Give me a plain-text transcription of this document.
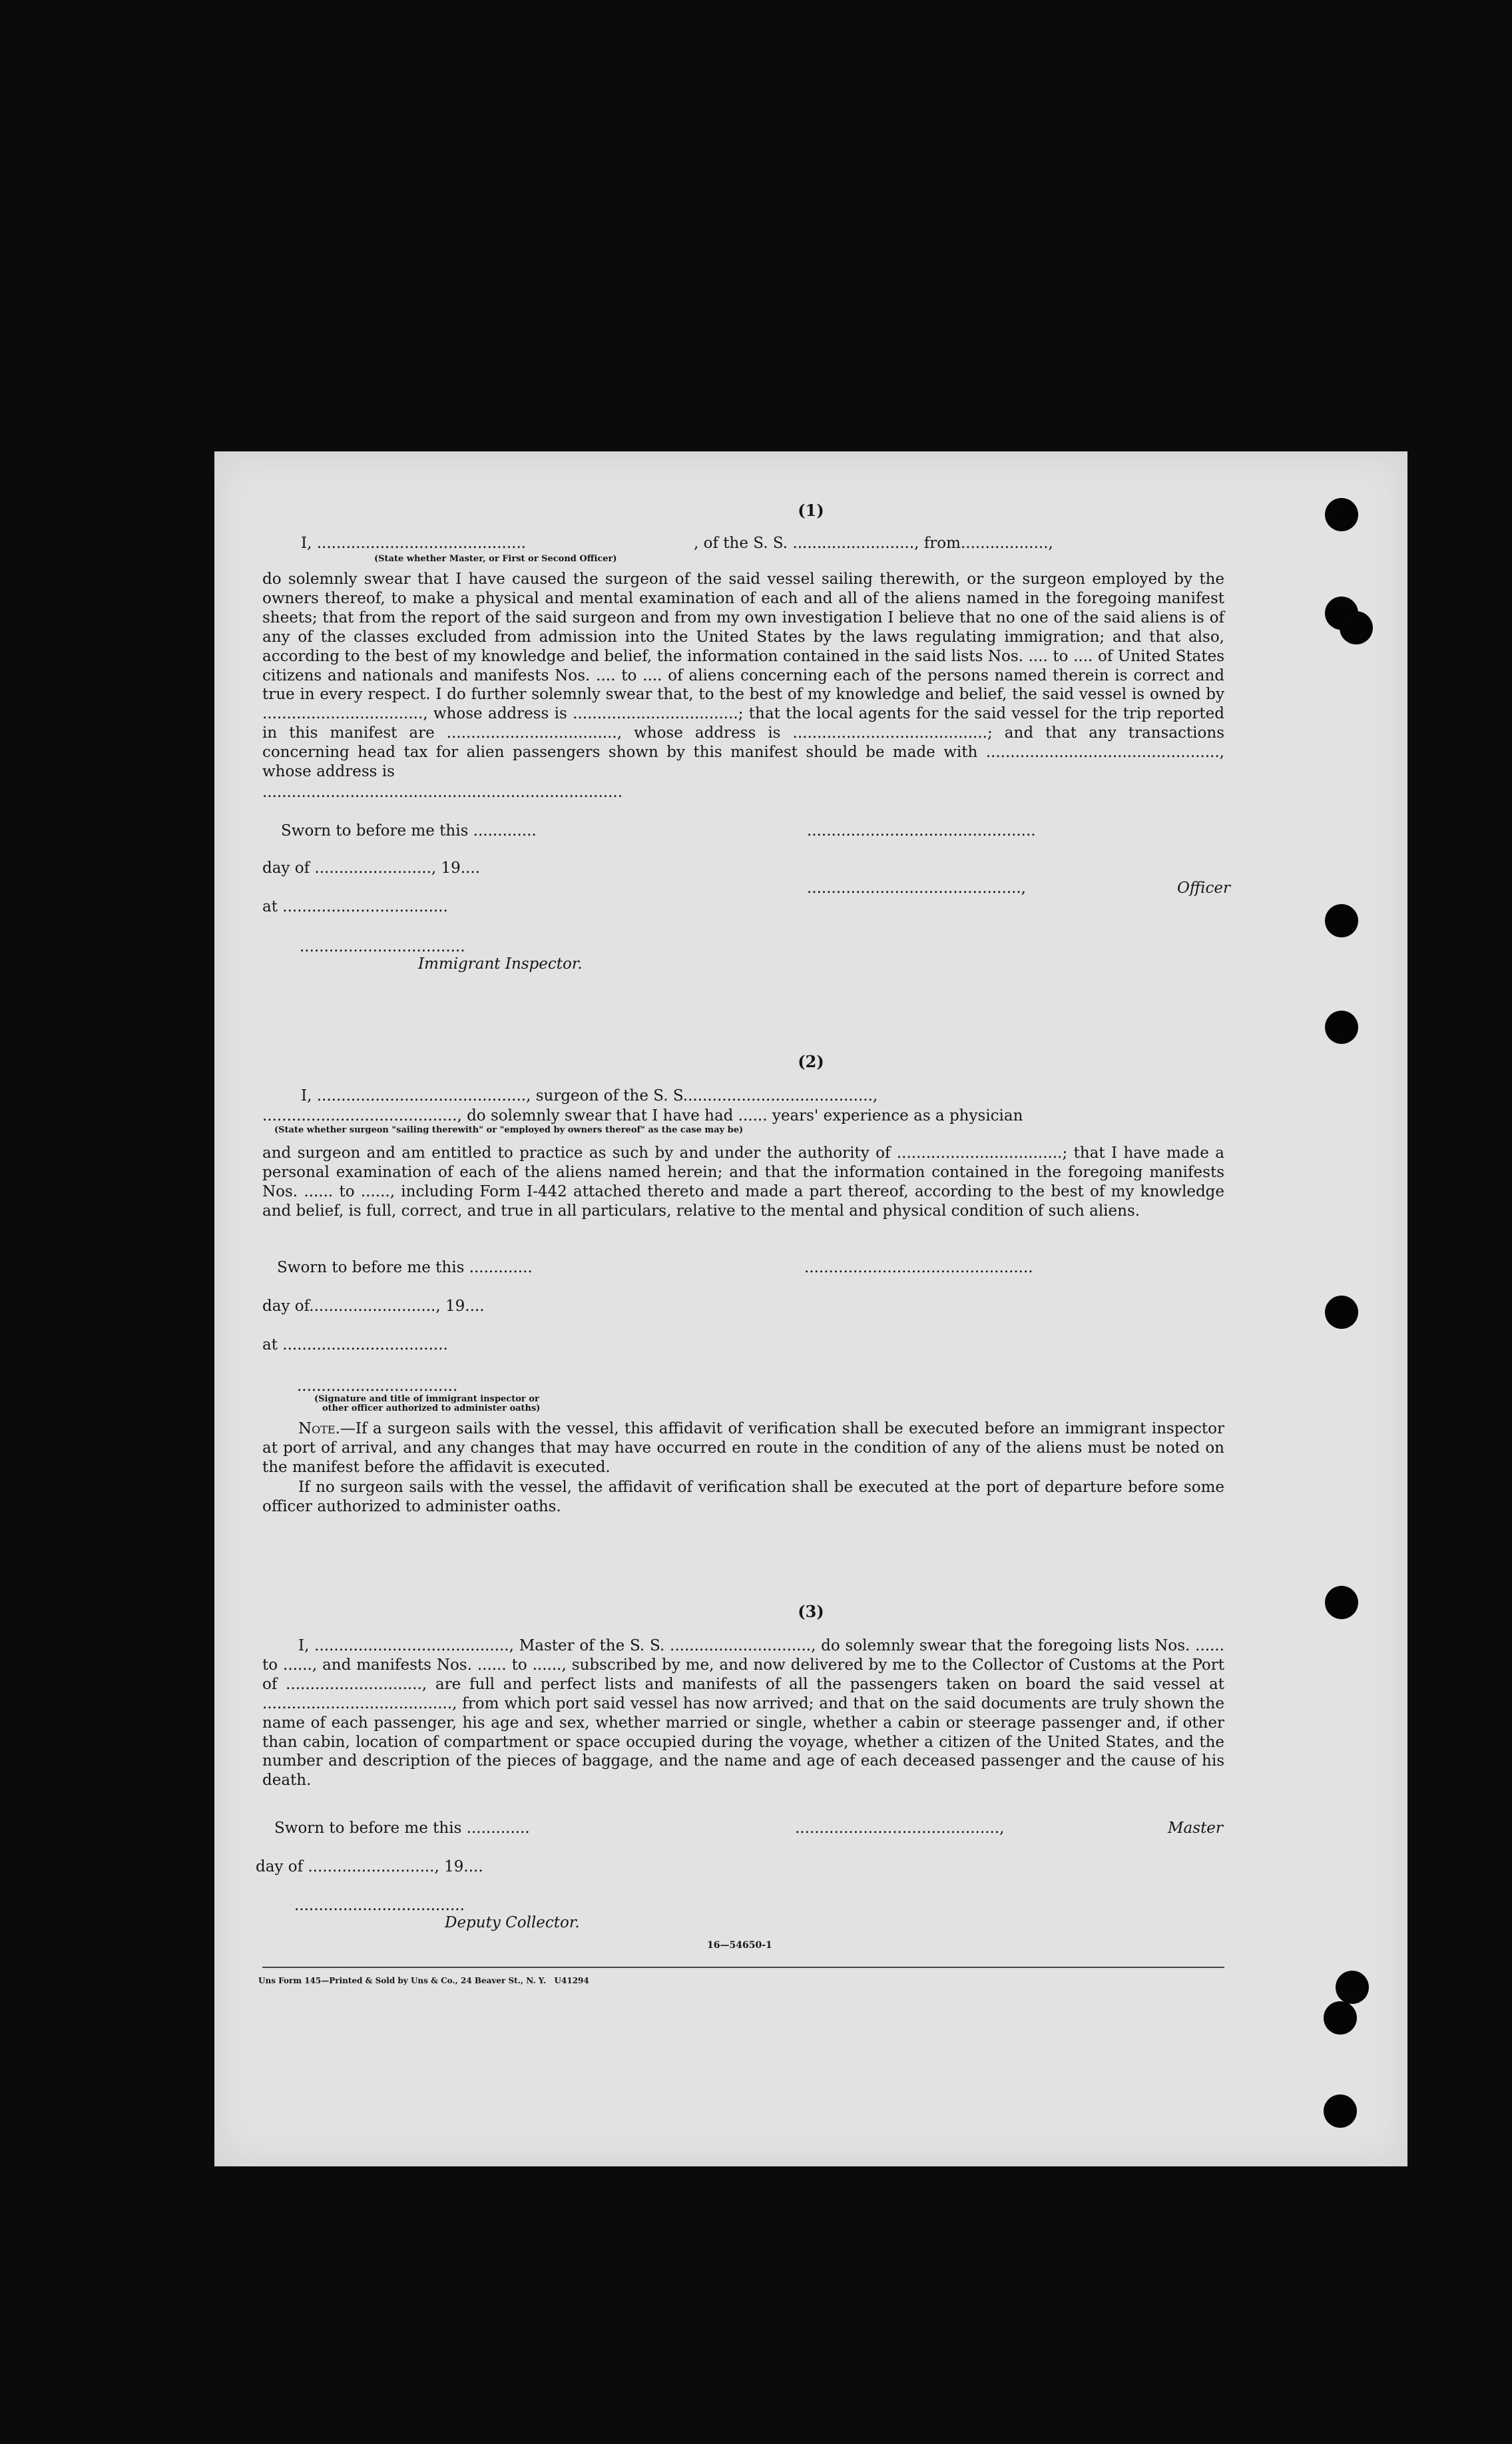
(1)
I, ...........................................	, of the S. S. ........................., from..................,
(State whether Master, or First or Second Officer)
do solemnly swear that I have caused the surgeon of the said vessel sailing therewith, or the surgeon employed by the owners thereof, to make a physical and mental examination of each and all of the aliens named in the foregoing manifest sheets; that from the report of the said surgeon and from my own investigation I believe that no one of the said aliens is of any of the classes excluded from admission into the United States by the laws regulating immigration; and that also, according to the best of my knowledge and belief, the information contained in the said lists Nos. .... to .... of United States citizens and nationals and manifests Nos. .... to .... of aliens concerning each of the persons named therein is correct and true in every respect. I do further solemnly swear that, to the best of my knowledge and belief, the said vessel is owned by ................................., whose address is ..................................; that the local agents for the said vessel for the trip reported in this manifest are ..................................., whose address is ........................................; and that any transactions concerning head tax for alien passengers shown by this manifest should be made with ................................................, whose address is
..........................................................................
Sworn to before me this .............	...............................................
day of ........................, 19....
............................................,	Officer
at ..................................
..................................
Immigrant Inspector.
(2)
I, ..........................................., surgeon of the S. S.......................................,
........................................, do solemnly swear that I have had ...... years' experience as a physician
(State whether surgeon "sailing therewith" or "employed by owners thereof" as the case may be)
and surgeon and am entitled to practice as such by and under the authority of ..................................; that I have made a personal examination of each of the aliens named herein; and that the information contained in the foregoing manifests Nos. ...... to ......, including Form I-442 attached thereto and made a part thereof, according to the best of my knowledge and belief, is full, correct, and true in all particulars, relative to the mental and physical condition of such aliens.
Sworn to before me this .............	...............................................
day of.........................., 19....
at ..................................
.................................
(Signature and title of immigrant inspector or
other officer authorized to administer oaths)
Note.—If a surgeon sails with the vessel, this affidavit of verification shall be executed before an immigrant inspector at port of arrival, and any changes that may have occurred en route in the condition of any of the aliens must be noted on the manifest before the affidavit is executed.
If no surgeon sails with the vessel, the affidavit of verification shall be executed at the port of departure before some officer authorized to administer oaths.
(3)
I, ........................................, Master of the S. S. ............................., do solemnly swear that the foregoing lists Nos. ...... to ......, and manifests Nos. ...... to ......, subscribed by me, and now delivered by me to the Collector of Customs at the Port of ............................, are full and perfect lists and manifests of all the passengers taken on board the said vessel at ......................................., from which port said vessel has now arrived; and that on the said documents are truly shown the name of each passenger, his age and sex, whether married or single, whether a cabin or steerage passenger and, if other than cabin, location of compartment or space occupied during the voyage, whether a citizen of the United States, and the number and description of the pieces of baggage, and the name and age of each deceased passenger and the cause of his death.
Sworn to before me this .............	..........................................,	Master
day of .........................., 19....
...................................
Deputy Collector.
16—54650-1
Uns Form 145—Printed & Sold by Uns & Co., 24 Beaver St., N. Y.   U41294
